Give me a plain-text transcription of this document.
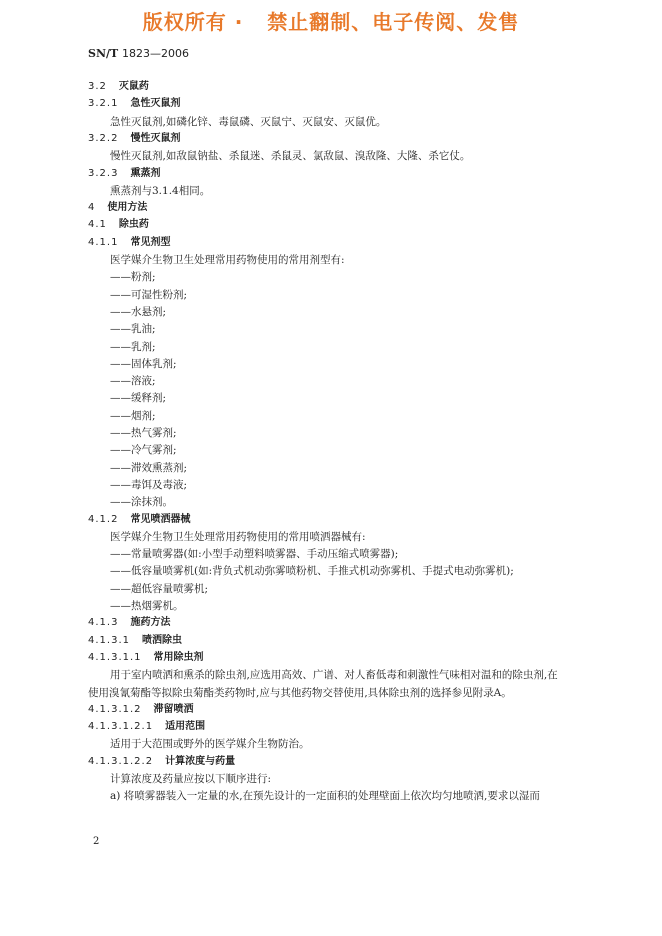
版权所有 ·   禁止翻制、电子传阅、发售
SN/T 1823—2006
3.2 灭鼠药
3.2.1 急性灭鼠剂
急性灭鼠剂,如磷化锌、毒鼠磷、灭鼠宁、灭鼠安、灭鼠优。
3.2.2 慢性灭鼠剂
慢性灭鼠剂,如敌鼠钠盐、杀鼠迷、杀鼠灵、氯敌鼠、溴敌隆、大隆、杀它仗。
3.2.3 熏蒸剂
熏蒸剂与3.1.4相同。
4 使用方法
4.1 除虫药
4.1.1 常见剂型
医学媒介生物卫生处理常用药物使用的常用剂型有:
——粉剂;
——可湿性粉剂;
——水悬剂;
——乳油;
——乳剂;
——固体乳剂;
——溶液;
——缓释剂;
——烟剂;
——热气雾剂;
——冷气雾剂;
——滞效熏蒸剂;
——毒饵及毒液;
——涂抹剂。
4.1.2 常见喷洒器械
医学媒介生物卫生处理常用药物使用的常用喷洒器械有:
——常量喷雾器(如:小型手动塑料喷雾器、手动压缩式喷雾器);
——低容量喷雾机(如:背负式机动弥雾喷粉机、手推式机动弥雾机、手提式电动弥雾机);
——超低容量喷雾机;
——热烟雾机。
4.1.3 施药方法
4.1.3.1 喷洒除虫
4.1.3.1.1 常用除虫剂
用于室内喷洒和熏杀的除虫剂,应选用高效、广谱、对人畜低毒和刺激性气味相对温和的除虫剂,在
使用溴氰菊酯等拟除虫菊酯类药物时,应与其他药物交替使用,具体除虫剂的选择参见附录A。
4.1.3.1.2 滞留喷洒
4.1.3.1.2.1 适用范围
适用于大范围或野外的医学媒介生物防治。
4.1.3.1.2.2 计算浓度与药量
计算浓度及药量应按以下顺序进行:
a) 将喷雾器装入一定量的水,在预先设计的一定面积的处理壁面上依次均匀地喷洒,要求以湿而
2
